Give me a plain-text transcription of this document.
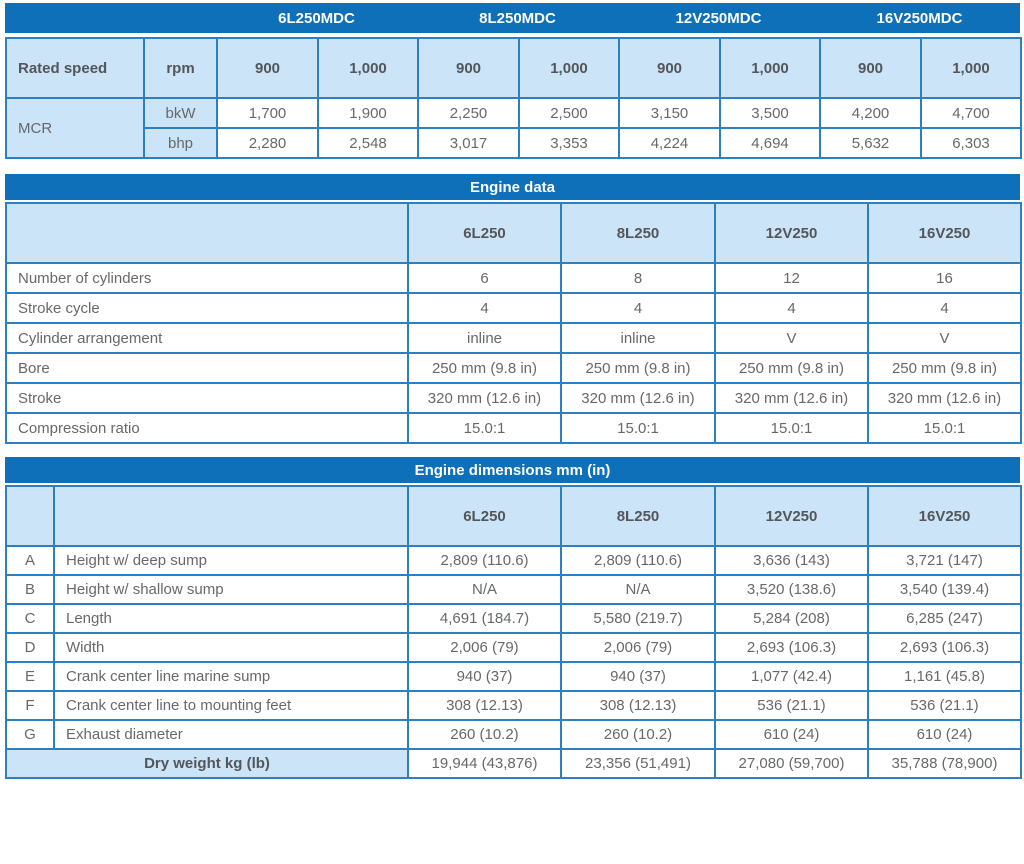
6L250MDC	8L250MDC	12V250MDC	16V250MDC
Rated speed	rpm	900	1,000	900	1,000	900	1,000	900	1,000
MCR	bkW	1,700	1,900	2,250	2,500	3,150	3,500	4,200	4,700
	bhp	2,280	2,548	3,017	3,353	4,224	4,694	5,632	6,303
Engine data
	6L250	8L250	12V250	16V250
Number of cylinders	6	8	12	16
Stroke cycle	4	4	4	4
Cylinder arrangement	inline	inline	V	V
Bore	250 mm (9.8 in)	250 mm (9.8 in)	250 mm (9.8 in)	250 mm (9.8 in)
Stroke	320 mm (12.6 in)	320 mm (12.6 in)	320 mm (12.6 in)	320 mm (12.6 in)
Compression ratio	15.0:1	15.0:1	15.0:1	15.0:1
Engine dimensions mm (in)
		6L250	8L250	12V250	16V250
A	Height w/ deep sump	2,809 (110.6)	2,809 (110.6)	3,636 (143)	3,721 (147)
B	Height w/ shallow sump	N/A	N/A	3,520 (138.6)	3,540 (139.4)
C	Length	4,691 (184.7)	5,580 (219.7)	5,284 (208)	6,285 (247)
D	Width	2,006 (79)	2,006 (79)	2,693 (106.3)	2,693 (106.3)
E	Crank center line marine sump	940 (37)	940 (37)	1,077 (42.4)	1,161 (45.8)
F	Crank center line to mounting feet	308 (12.13)	308 (12.13)	536 (21.1)	536 (21.1)
G	Exhaust diameter	260 (10.2)	260 (10.2)	610 (24)	610 (24)
Dry weight kg (lb)		19,944 (43,876)	23,356 (51,491)	27,080 (59,700)	35,788 (78,900)
